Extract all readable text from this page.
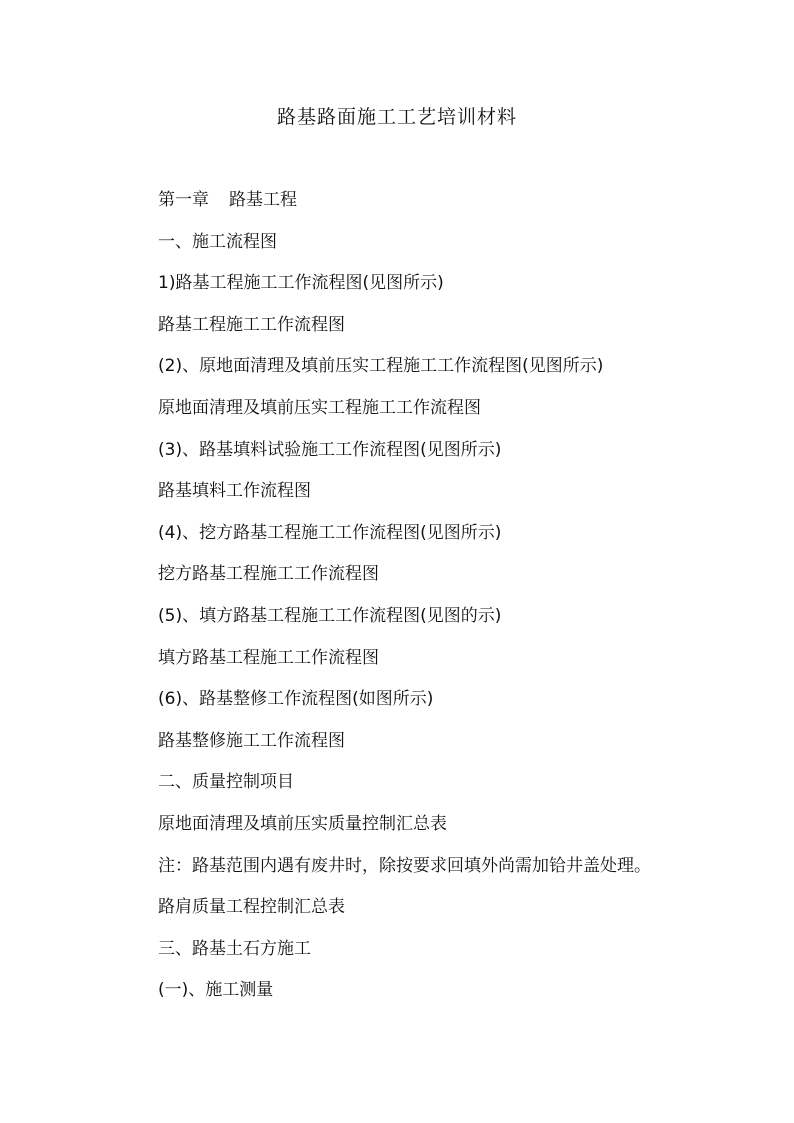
路基路面施工工艺培训材料
第一章 路基工程
一、施工流程图
1)路基工程施工工作流程图(见图所示)
路基工程施工工作流程图
(2)、原地面清理及填前压实工程施工工作流程图(见图所示)
原地面清理及填前压实工程施工工作流程图
(3)、路基填料试验施工工作流程图(见图所示)
路基填料工作流程图
(4)、挖方路基工程施工工作流程图(见图所示)
挖方路基工程施工工作流程图
(5)、填方路基工程施工工作流程图(见图的示)
填方路基工程施工工作流程图
(6)、路基整修工作流程图(如图所示)
路基整修施工工作流程图
二、质量控制项目
原地面清理及填前压实质量控制汇总表
注：路基范围内遇有废井时，除按要求回填外尚需加铪井盖处理。
路肩质量工程控制汇总表
三、路基土石方施工
(一)、施工测量
